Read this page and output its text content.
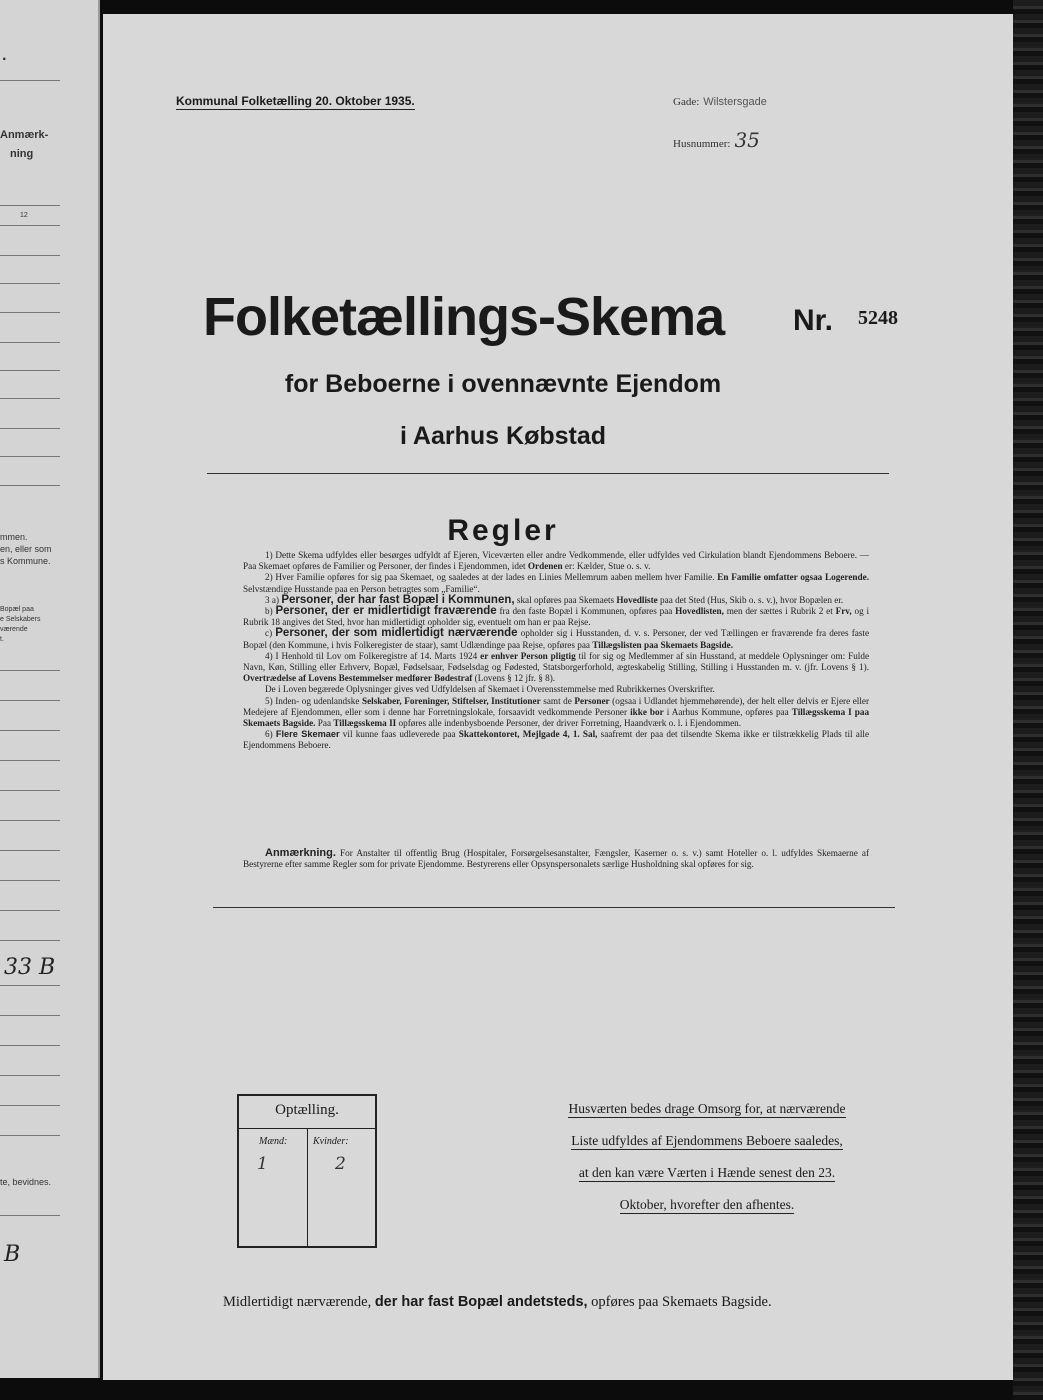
.
Anmærk-
ning
12
mmen.
en, eller som
s Kommune.
Bopæl paa
e Selskabers
værende
t.
33 B
te, bevidnes.
B
Kommunal Folketælling 20. Oktober 1935.	Gade: Wilstersgade
Husnummer: 35
Folketællings-Skema Nr. 5248
for Beboerne i ovennævnte Ejendom
i Aarhus Købstad
Regler

1) Dette Skema udfyldes eller besørges udfyldt af Ejeren, Viceværten eller andre Vedkommende, eller udfyldes ved Cirkulation blandt Ejendommens Beboere. — Paa Skemaet opføres de Familier og Personer, der findes i Ejendommen, idet Ordenen er: Kælder, Stue o. s. v.

2) Hver Familie opføres for sig paa Skemaet, og saaledes at der lades en Linies Mellemrum aaben mellem hver Familie. En Familie omfatter ogsaa Logerende. Selvstændige Husstande paa en Person betragtes som „Familie“.

3 a) Personer, der har fast Bopæl i Kommunen, skal opføres paa Skemaets Hovedliste paa det Sted (Hus, Skib o. s. v.), hvor Bopælen er.

b) Personer, der er midlertidigt fraværende fra den faste Bopæl i Kommunen, opføres paa Hovedlisten, men der sættes i Rubrik 2 et Frv, og i Rubrik 18 angives det Sted, hvor han midlertidigt opholder sig, eventuelt om han er paa Rejse.

c) Personer, der som midlertidigt nærværende opholder sig i Husstanden, d. v. s. Personer, der ved Tællingen er fraværende fra deres faste Bopæl (den Kommune, i hvis Folkeregister de staar), samt Udlændinge paa Rejse, opføres paa Tillægslisten paa Skemaets Bagside.

4) I Henhold til Lov om Folkeregistre af 14. Marts 1924 er enhver Person pligtig til for sig og Medlemmer af sin Husstand, at meddele Oplysninger om: Fulde Navn, Køn, Stilling eller Erhverv, Bopæl, Fødselsaar, Fødselsdag og Fødested, Statsborgerforhold, ægteskabelig Stilling, Stilling i Husstanden m. v. (jfr. Lovens § 1). Overtrædelse af Lovens Bestemmelser medfører Bødestraf (Lovens § 12 jfr. § 8).

De i Loven begærede Oplysninger gives ved Udfyldelsen af Skemaet i Overensstemmelse med Rubrikkernes Overskrifter.

5) Inden- og udenlandske Selskaber, Foreninger, Stiftelser, Institutioner samt de Personer (ogsaa i Udlandet hjemmehørende), der helt eller delvis er Ejere eller Medejere af Ejendommen, eller som i denne har Forretningslokale, forsaavidt vedkommende Personer ikke bor i Aarhus Kommune, opføres paa Tillægsskema I paa Skemaets Bagside. Paa Tillægsskema II opføres alle indenbysboende Personer, der driver Forretning, Haandværk o. l. i Ejendommen.

6) Flere Skemaer vil kunne faas udleverede paa Skattekontoret, Mejlgade 4, 1. Sal, saafremt der paa det tilsendte Skema ikke er tilstrækkelig Plads til alle Ejendommens Beboere.

Anmærkning. For Anstalter til offentlig Brug (Hospitaler, Forsørgelsesanstalter, Fængsler, Kaserner o. s. v.) samt Hoteller o. l. udfyldes Skemaerne af Bestyrerne efter samme Regler som for private Ejendomme. Bestyrerens eller Opsynspersonalets særlige Husholdning skal opføres for sig.
Optælling.
Mænd:
1
Kvinder:
2
Husværten bedes drage Omsorg for, at nærværende
Liste udfyldes af Ejendommens Beboere saaledes,
at den kan være Værten i Hænde senest den 23.
Oktober, hvorefter den afhentes.
Midlertidigt nærværende, der har fast Bopæl andetsteds, opføres paa Skemaets Bagside.
